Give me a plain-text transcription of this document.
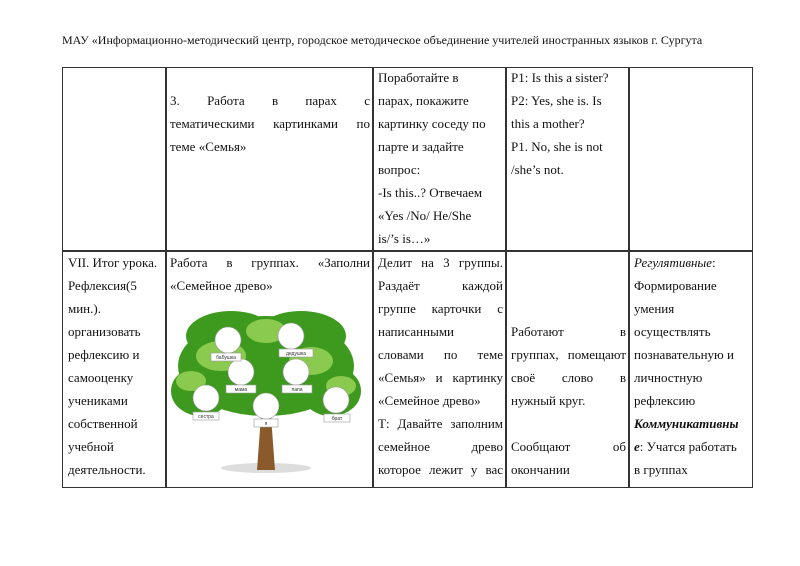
МАУ «Информационно-методический центр, городское методическое объединение учителей иностранных языков г. Сургута
3. Работа в парах с
тематическими картинками по
теме «Семья»
Поработайте в
парах, покажите
картинку соседу по
парте и задайте
вопрос:
-Is this..? Отвечаем
«Yes /No/ He/She
is/’s is…»
P1: Is this a sister?
P2: Yes, she is. Is
this a mother?
P1. No, she is not
/she’s not.
VII. Итог урока.
Рефлексия(5
мин.).
организовать
рефлексию и
самооценку
учениками
собственной
учебной
деятельности.
Работа в группах. «Заполни
«Семейное древо»
бабушка
дедушка
мама	папа
сестра
я
брат
Делит на 3 группы.
Раздаёт каждой
группе карточки с
написанными
словами по теме
«Семья» и картинку
«Семейное древо»
Т: Давайте заполним
семейное древо
которое лежит у вас
Работают в
группах, помещают
своё слово в
нужный круг.
Сообщают об
окончании
Регулятивные:
Формирование
умения
осуществлять
познавательную и
личностную
рефлексию
Коммуникативны
е: Учатся работать
в группах
